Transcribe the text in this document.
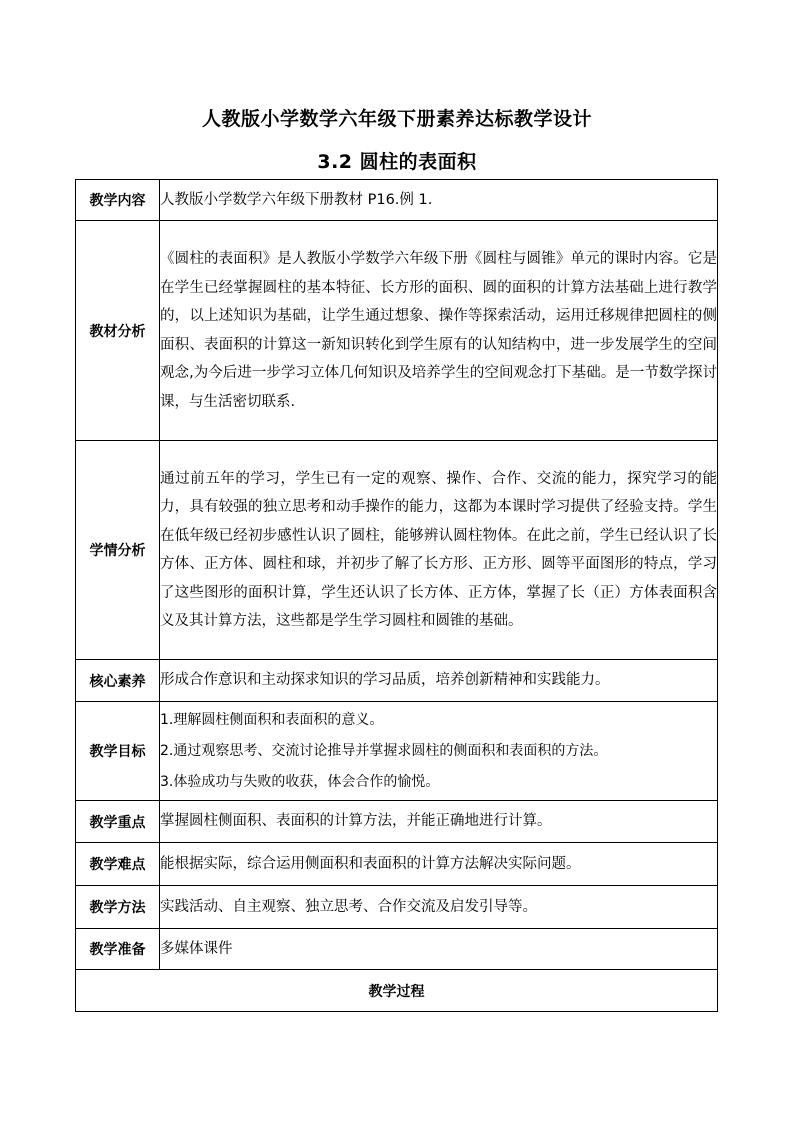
人教版小学数学六年级下册素养达标教学设计
3.2 圆柱的表面积
教学内容	人教版小学数学六年级下册教材 P16.例 1.
教材分析	《圆柱的表面积》是人教版小学数学六年级下册《圆柱与圆锥》单元的课时内容。它是在学生已经掌握圆柱的基本特征、长方形的面积、圆的面积的计算方法基础上进行教学的，以上述知识为基础，让学生通过想象、操作等探索活动，运用迁移规律把圆柱的侧面积、表面积的计算这一新知识转化到学生原有的认知结构中，进一步发展学生的空间观念,为今后进一步学习立体几何知识及培养学生的空间观念打下基础。是一节数学探讨课，与生活密切联系.
学情分析	通过前五年的学习，学生已有一定的观察、操作、合作、交流的能力，探究学习的能力，具有较强的独立思考和动手操作的能力，这都为本课时学习提供了经验支持。学生在低年级已经初步感性认识了圆柱，能够辨认圆柱物体。在此之前，学生已经认识了长方体、正方体、圆柱和球，并初步了解了长方形、正方形、圆等平面图形的特点，学习了这些图形的面积计算，学生还认识了长方体、正方体，掌握了长（正）方体表面积含义及其计算方法，这些都是学生学习圆柱和圆锥的基础。
核心素养	形成合作意识和主动探求知识的学习品质，培养创新精神和实践能力。
教学目标	1.理解圆柱侧面积和表面积的意义。
2.通过观察思考、交流讨论推导并掌握求圆柱的侧面积和表面积的方法。
3.体验成功与失败的收获，体会合作的愉悦。

教学重点	掌握圆柱侧面积、表面积的计算方法，并能正确地进行计算。
教学难点	能根据实际，综合运用侧面积和表面积的计算方法解决实际问题。
教学方法	实践活动、自主观察、独立思考、合作交流及启发引导等。
教学准备	多媒体课件
教学过程	
